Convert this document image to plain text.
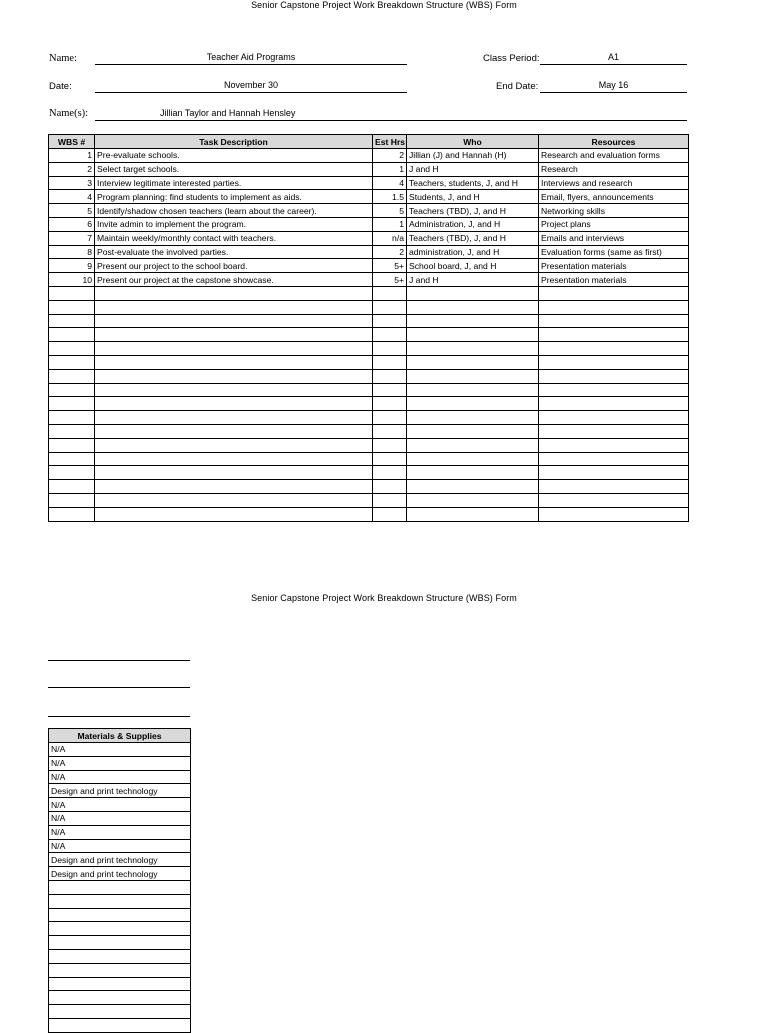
Senior Capstone Project Work Breakdown Structure (WBS) Form
Name:	Teacher Aid Programs	Class Period:	A1
Date:	November 30	End Date:	May 16
Name(s):	Jillian Taylor and Hannah Hensley
WBS #	Task Description	Est Hrs	Who	Resources
1	Pre-evaluate schools.	2	Jillian (J) and Hannah (H)	Research and evaluation forms
2	Select target schools.	1	J and H	Research
3	Interview legitimate interested parties.	4	Teachers, students, J, and H	Interviews and research
4	Program planning: find students to implement as aids.	1.5	Students, J, and H	Email, flyers, announcements
5	Identify/shadow chosen teachers (learn about the career).	5	Teachers (TBD), J, and H	Networking skills
6	Invite admin to implement the program.	1	Administration, J, and H	Project plans
7	Maintain weekly/monthly contact with teachers.	n/a	Teachers (TBD), J, and H	Emails and interviews
8	Post-evaluate the involved parties.	2	administration, J, and H	Evaluation forms (same as first)
9	Present our project to the school board.	5+	School board, J, and H	Presentation materials
10	Present our project at the capstone showcase.	5+	J and H	Presentation materials

Senior Capstone Project Work Breakdown Structure (WBS) Form
Materials & Supplies
N/A
N/A
N/A
Design and print technology
N/A
N/A
N/A
N/A
Design and print technology
Design and print technology
